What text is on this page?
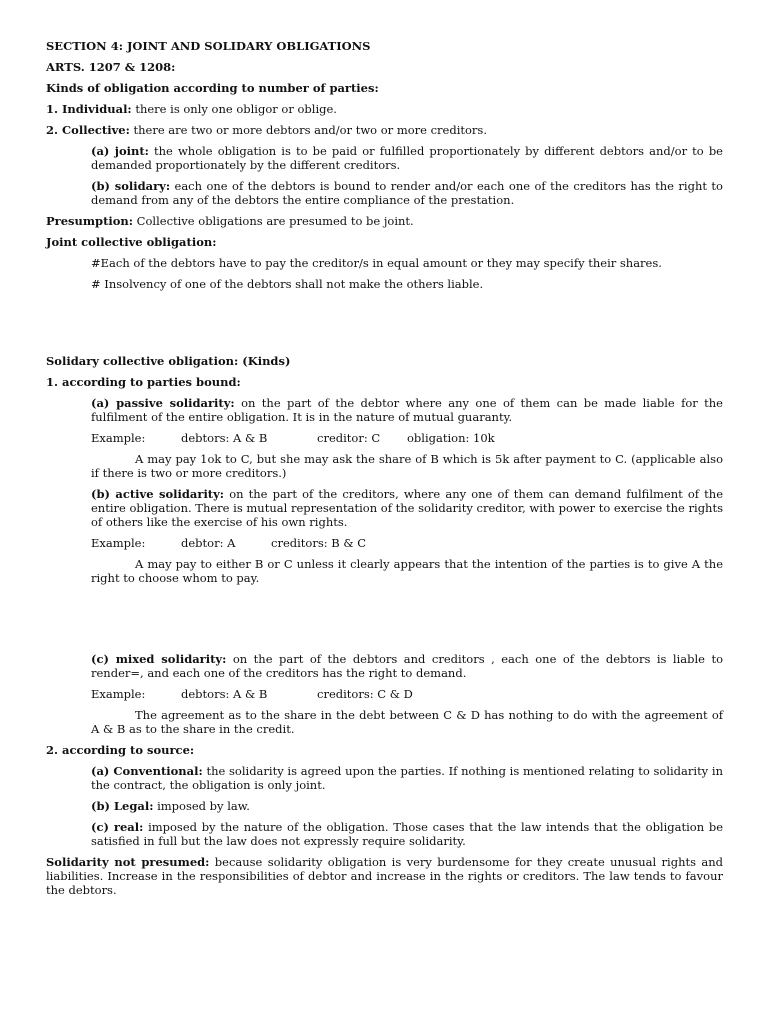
SECTION 4: JOINT AND SOLIDARY OBLIGATIONS

ARTS. 1207 & 1208:

Kinds of obligation according to number of parties:

1. Individual: there is only one obligor or oblige.

2. Collective: there are two or more debtors and/or two or more creditors.

(a) joint: the whole obligation is to be paid or fulfilled proportionately by different debtors and/or to be demanded proportionately by the different creditors.

(b) solidary: each one of the debtors is bound to render and/or each one of the creditors has the right to demand from any of the debtors the entire compliance of the prestation.

Presumption: Collective obligations are presumed to be joint.

Joint collective obligation:

#Each of the debtors have to pay the creditor/s in equal amount or they may specify their shares.

# Insolvency of one of the debtors shall not make the others liable.

Solidary collective obligation: (Kinds)

1. according to parties bound:

(a) passive solidarity: on the part of the debtor where any one of them can be made liable for the fulfilment of the entire obligation. It is in the nature of mutual guaranty.

Example:	debtors: A & B	creditor: C obligation: 10k

A may pay 1ok to C, but she may ask the share of B which is 5k after payment to C. (applicable also if there is two or more creditors.)

(b) active solidarity: on the part of the creditors, where any one of them can demand fulfilment of the entire obligation. There is mutual representation of the solidarity creditor, with power to exercise the rights of others like the exercise of his own rights.

Example:	debtor: A	creditors: B & C

A may pay to either B or C unless it clearly appears that the intention of the parties is to give A the right to choose whom to pay.

(c) mixed solidarity: on the part of the debtors and creditors , each one of the debtors is liable to render=, and each one of the creditors has the right to demand.

Example:	debtors: A & B	creditors: C & D

The agreement as to the share in the debt between C & D has nothing to do with the agreement of A & B as to the share in the credit.

2. according to source:

(a) Conventional: the solidarity is agreed upon the parties. If nothing is mentioned relating to solidarity in the contract, the obligation is only joint.

(b) Legal: imposed by law.

(c) real: imposed by the nature of the obligation. Those cases that the law intends that the obligation be satisfied in full but the law does not expressly require solidarity.

Solidarity not presumed: because solidarity obligation is very burdensome for they create unusual rights and liabilities. Increase in the responsibilities of debtor and increase in the rights or creditors. The law tends to favour the debtors.
